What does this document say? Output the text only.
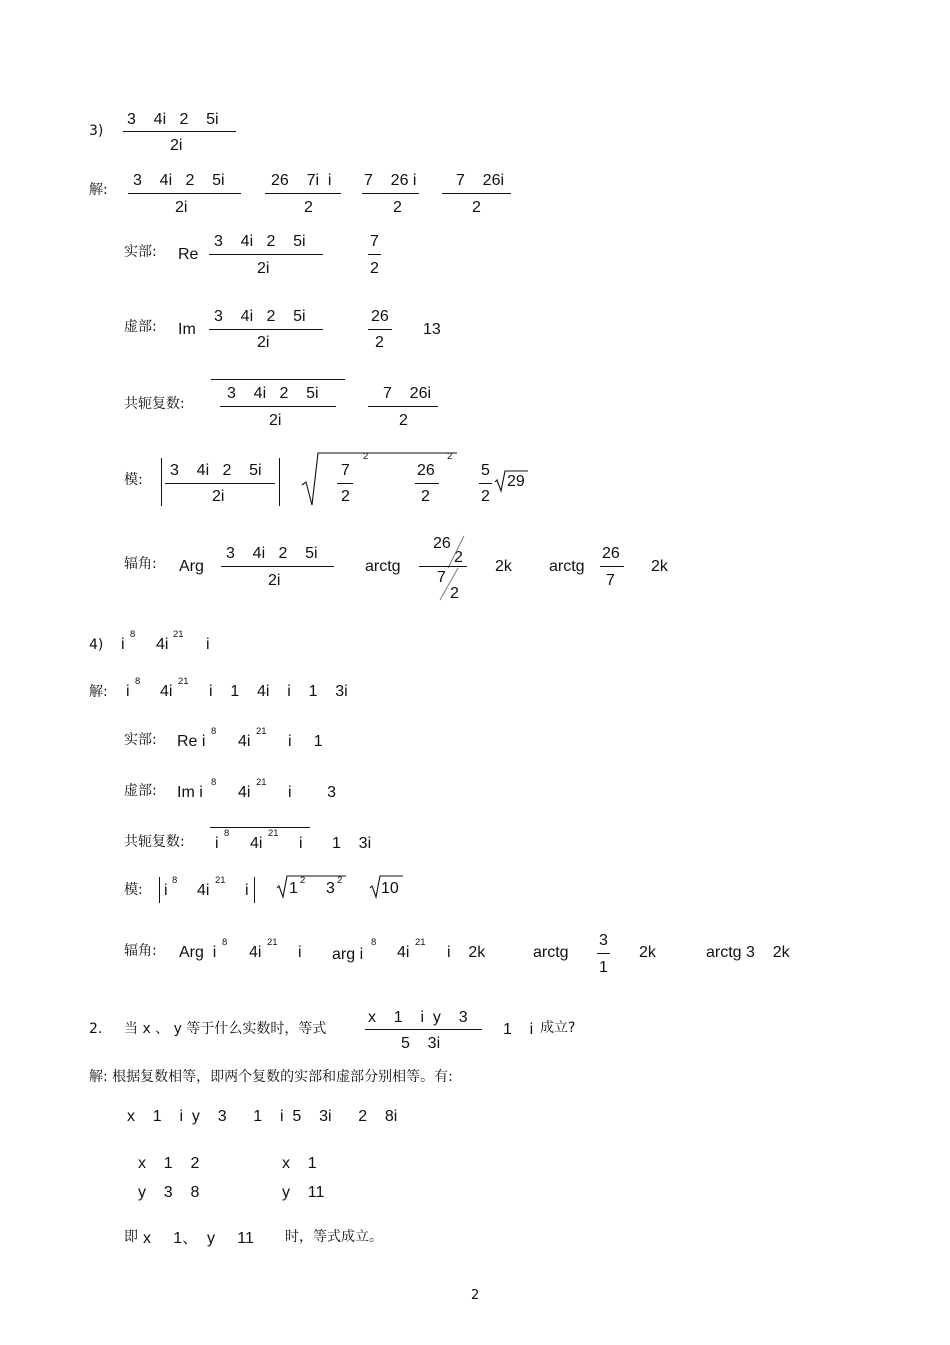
3)
3    4i   2    5i
2i
解:
3    4i   2    5i
2i
26    7i  i
2
7    26 i
2
7    26i
2
实部: Re
3    4i   2    5i
2i
7
2
虚部: Im
3    4i   2    5i
2i
26
2
13
共轭复数:
3    4i   2    5i
2i
7    26i
2
模:
3    4i   2    5i
2i
7
2
2
26
2
2
5
2
29
辐角: Arg
3    4i   2    5i
2i
arctg
26
2
7
2
2k arctg
26
7
2k
4) i
8
4i
21
i
解: i
8
4i
21
i    1    4i    i    1    3i
实部: Re i
8
4i
21
i     1
虚部: Im i
8
4i
21
i        3
共轭复数: i
8
4i
21
i 1    3i
模: i
8
4i
21
i	1 2 3 2 10
辐角: Arg  i
8
4i
21
i arg i
8
4i
21
i    2k	arctg
3
1
2k	arctg 3    2k
2. 当 x 、 y 等于什么实数时，等式
x    1    i  y    3
5    3i
1    i 成立?
解: 根据复数相等，即两个复数的实部和虚部分别相等。有:
x    1    i  y    3      1    i  5    3i      2    8i
x    1    2
y    3    8
x    1
y    11
即 x     1、  y     11 时，等式成立。
2
